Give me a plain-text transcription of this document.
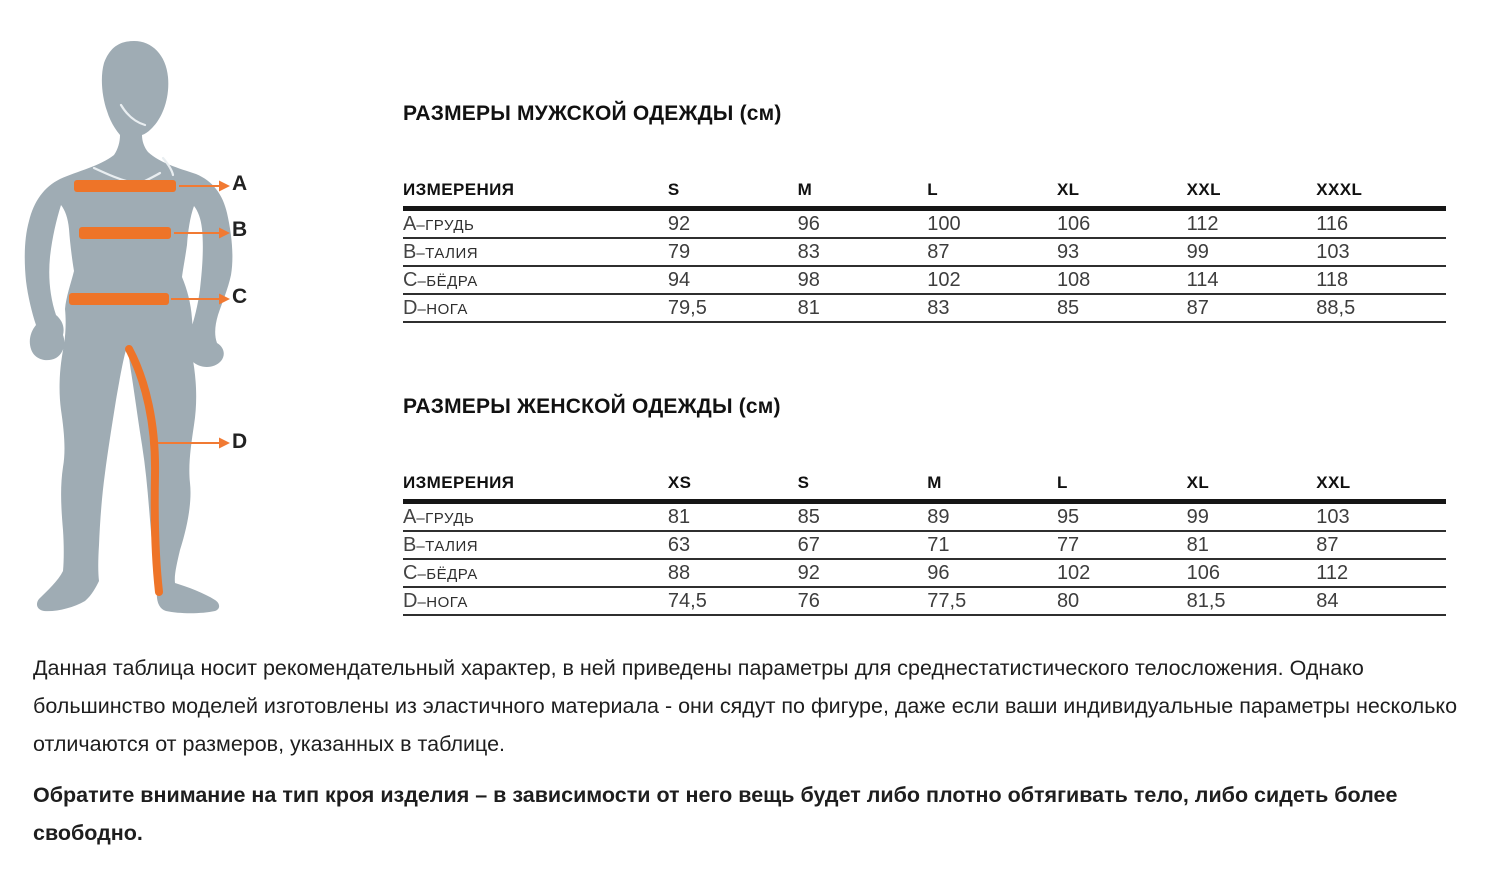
A
B
C
D
РАЗМЕРЫ МУЖСКОЙ ОДЕЖДЫ (см)
ИЗМЕРЕНИЯ	S	M	L	XL	XXL	XXXL
A–ГРУДЬ	92	96	100	106	112	116
B–ТАЛИЯ	79	83	87	93	99	103
C–БЁДРА	94	98	102	108	114	118
D–НОГА	79,5	81	83	85	87	88,5
РАЗМЕРЫ ЖЕНСКОЙ ОДЕЖДЫ (см)
ИЗМЕРЕНИЯ	XS	S	M	L	XL	XXL
A–ГРУДЬ	81	85	89	95	99	103
B–ТАЛИЯ	63	67	71	77	81	87
C–БЁДРА	88	92	96	102	106	112
D–НОГА	74,5	76	77,5	80	81,5	84

Данная таблица носит рекомендательный характер, в ней приведены параметры для среднестатистического телосложения. Однако большинство моделей изготовлены из эластичного материала - они сядут по фигуре, даже если ваши индивидуальные параметры несколько отличаются от размеров, указанных в таблице.

Обратите внимание на тип кроя изделия – в зависимости от него вещь будет либо плотно обтягивать тело, либо сидеть более свободно.
